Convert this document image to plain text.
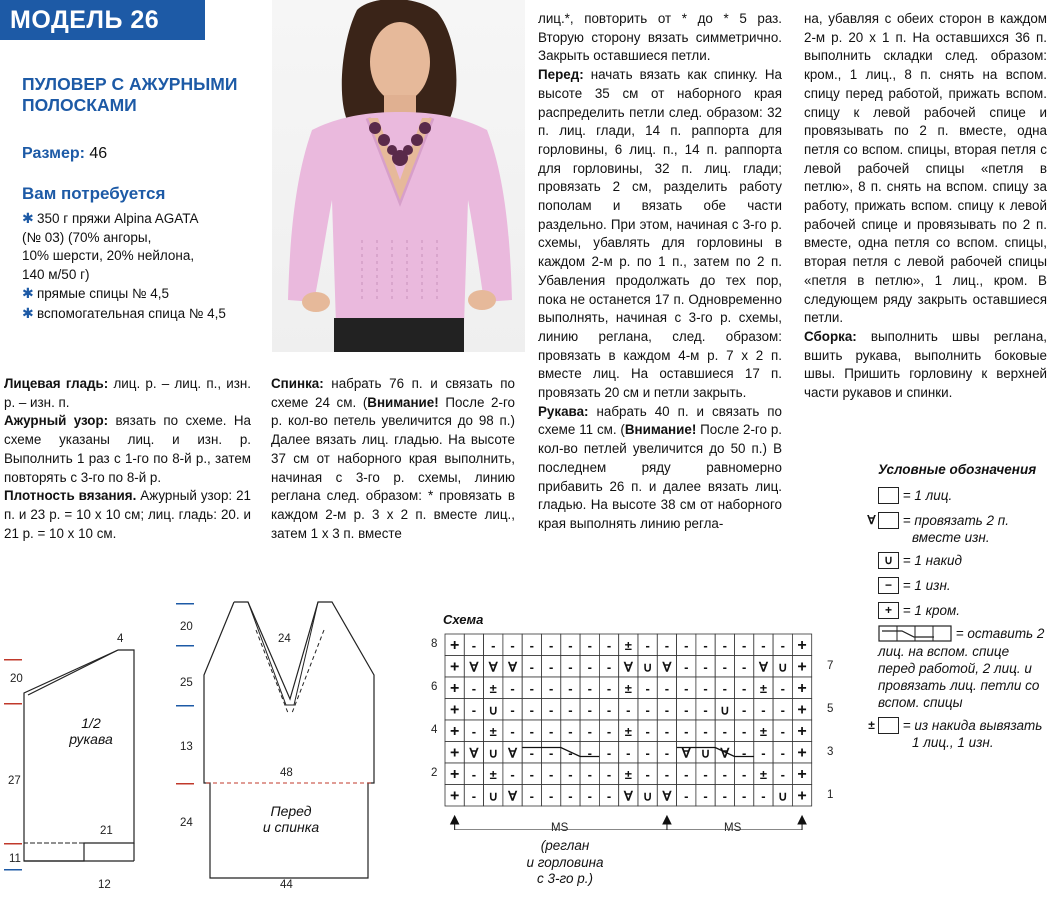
МОДЕЛЬ 26
ПУЛОВЕР С АЖУРНЫМИ
ПОЛОСКАМИ
Размер: 46
Вам потребуется
✱ 350 г пряжи Alpina AGATA
(№ 03) (70% ангоры,
10% шерсти, 20% нейлона,
140 м/50 г)
✱ прямые спицы № 4,5
✱ вспомогательная спица № 4,5

лиц.*, повторить от * до * 5 раз. Вторую сторону вязать симметрично. Закрыть оставшиеся петли.

Перед: начать вязать как спинку. На высоте 35 см от наборного края распределить петли след. образом: 32 п. лиц. глади, 14 п. раппорта для горловины, 6 лиц. п., 14 п. раппорта для горловины, 32 п. лиц. глади; провязать 2 см, разделить работу пополам и вязать обе части раздельно. При этом, начиная с 3-го р. схемы, убавлять для горловины в каждом 2-м р. по 1 п., затем по 2 п. Убавления продолжать до тех пор, пока не останется 17 п. Одновременно выполнять, начиная с 3-го р. схемы, линию реглана, след. образом: провязать в каждом 4-м р. 7 х 2 п. вместе лиц. На оставшиеся 17 п. провязать 20 см и петли закрыть.

Рукава: набрать 40 п. и связать по схеме 11 см. (Внимание! После 2-го р. кол-во петлей увеличится до 50 п.) В последнем ряду равномерно прибавить 26 п. и далее вязать лиц. гладью. На высоте 38 см от наборного края выполнять линию регла-

на, убавляя с обеих сторон в каждом 2-м р. 20 х 1 п. На оставшихся 36 п. выполнить складки след. образом: кром., 1 лиц., 8 п. снять на вспом. спицу перед работой, прижать вспом. спицу к левой рабочей спице и провязывать по 2 п. вместе, одна петля со вспом. спицы, вторая петля с левой рабочей спицы «петля в петлю», 8 п. снять на вспом. спицу за работу, прижать вспом. спицу к левой рабочей спице и провязывать по 2 п. вместе, одна петля со вспом. спицы, вторая петля с левой рабочей спицы «петля в петлю», 1 лиц., кром. В следующем ряду закрыть оставшиеся петли.

Сборка: выполнить швы реглана, вшить рукава, выполнить боковые швы. Пришить горловину к верхней части рукавов и спинки.

Лицевая гладь: лиц. р. – лиц. п., изн. р. – изн. п.

Ажурный узор: вязать по схеме. На схеме указаны лиц. и изн. р. Выполнить 1 раз с 1-го по 8-й р., затем повторять с 3-го по 8-й р.

Плотность вязания. Ажурный узор: 21 п. и 23 р. = 10 х 10 см; лиц. гладь: 20. и 21 р. = 10 х 10 см.

Спинка: набрать 76 п. и связать по схеме 24 см. (Внимание! После 2-го р. кол-во петель увеличится до 98 п.) Далее вязать лиц. гладью. На высоте 37 см от наборного края выполнить, начиная с 3-го р. схемы, линию реглана след. образом: * провязать в каждом 2-м р. 3 х 2 п. вместе лиц., затем 1 х 3 п. вместе

Условные обозначения
= 1 лиц.
∀ = провязать 2 п. вместе изн.
∪ = 1 накид
− = 1 изн.
+ = 1 кром.
= оставить 2 лиц. на вспом. спице перед работой, 2 лиц. и провязать лиц. петли со вспом. спицы
± = из накида вывязать 1 лиц., 1 изн.
4
20
1/2
рукава
27
21
11
12
20
24
25
13
48
Перед
и спинка
24
44
Схема
+ - - - - - - - - ± - - - - - - - - +
+ ∀ ∀ ∀ - - - - - ∀ ∪ ∀ - - - - ∀ ∪ +
+ - ± - - - - - - ± - - - - - - ± - +
+ - ∪ - - - - - - - - - - - ∪ - - - +
+ - ± - - - - - - ± - - - - - - ± - +
+ ∀ ∪ ∀ - - - - - - - - ∀ ∪ ∀ - - - +
+ - ± - - - - - - ± - - - - - - ± - +
+ - ∪ ∀ - - - - - ∀ ∪ ∀ - - - - - ∪ +
8
6
4
2
7
5
3
1
MS	MS
(реглан
и горловина
с 3-го р.)
